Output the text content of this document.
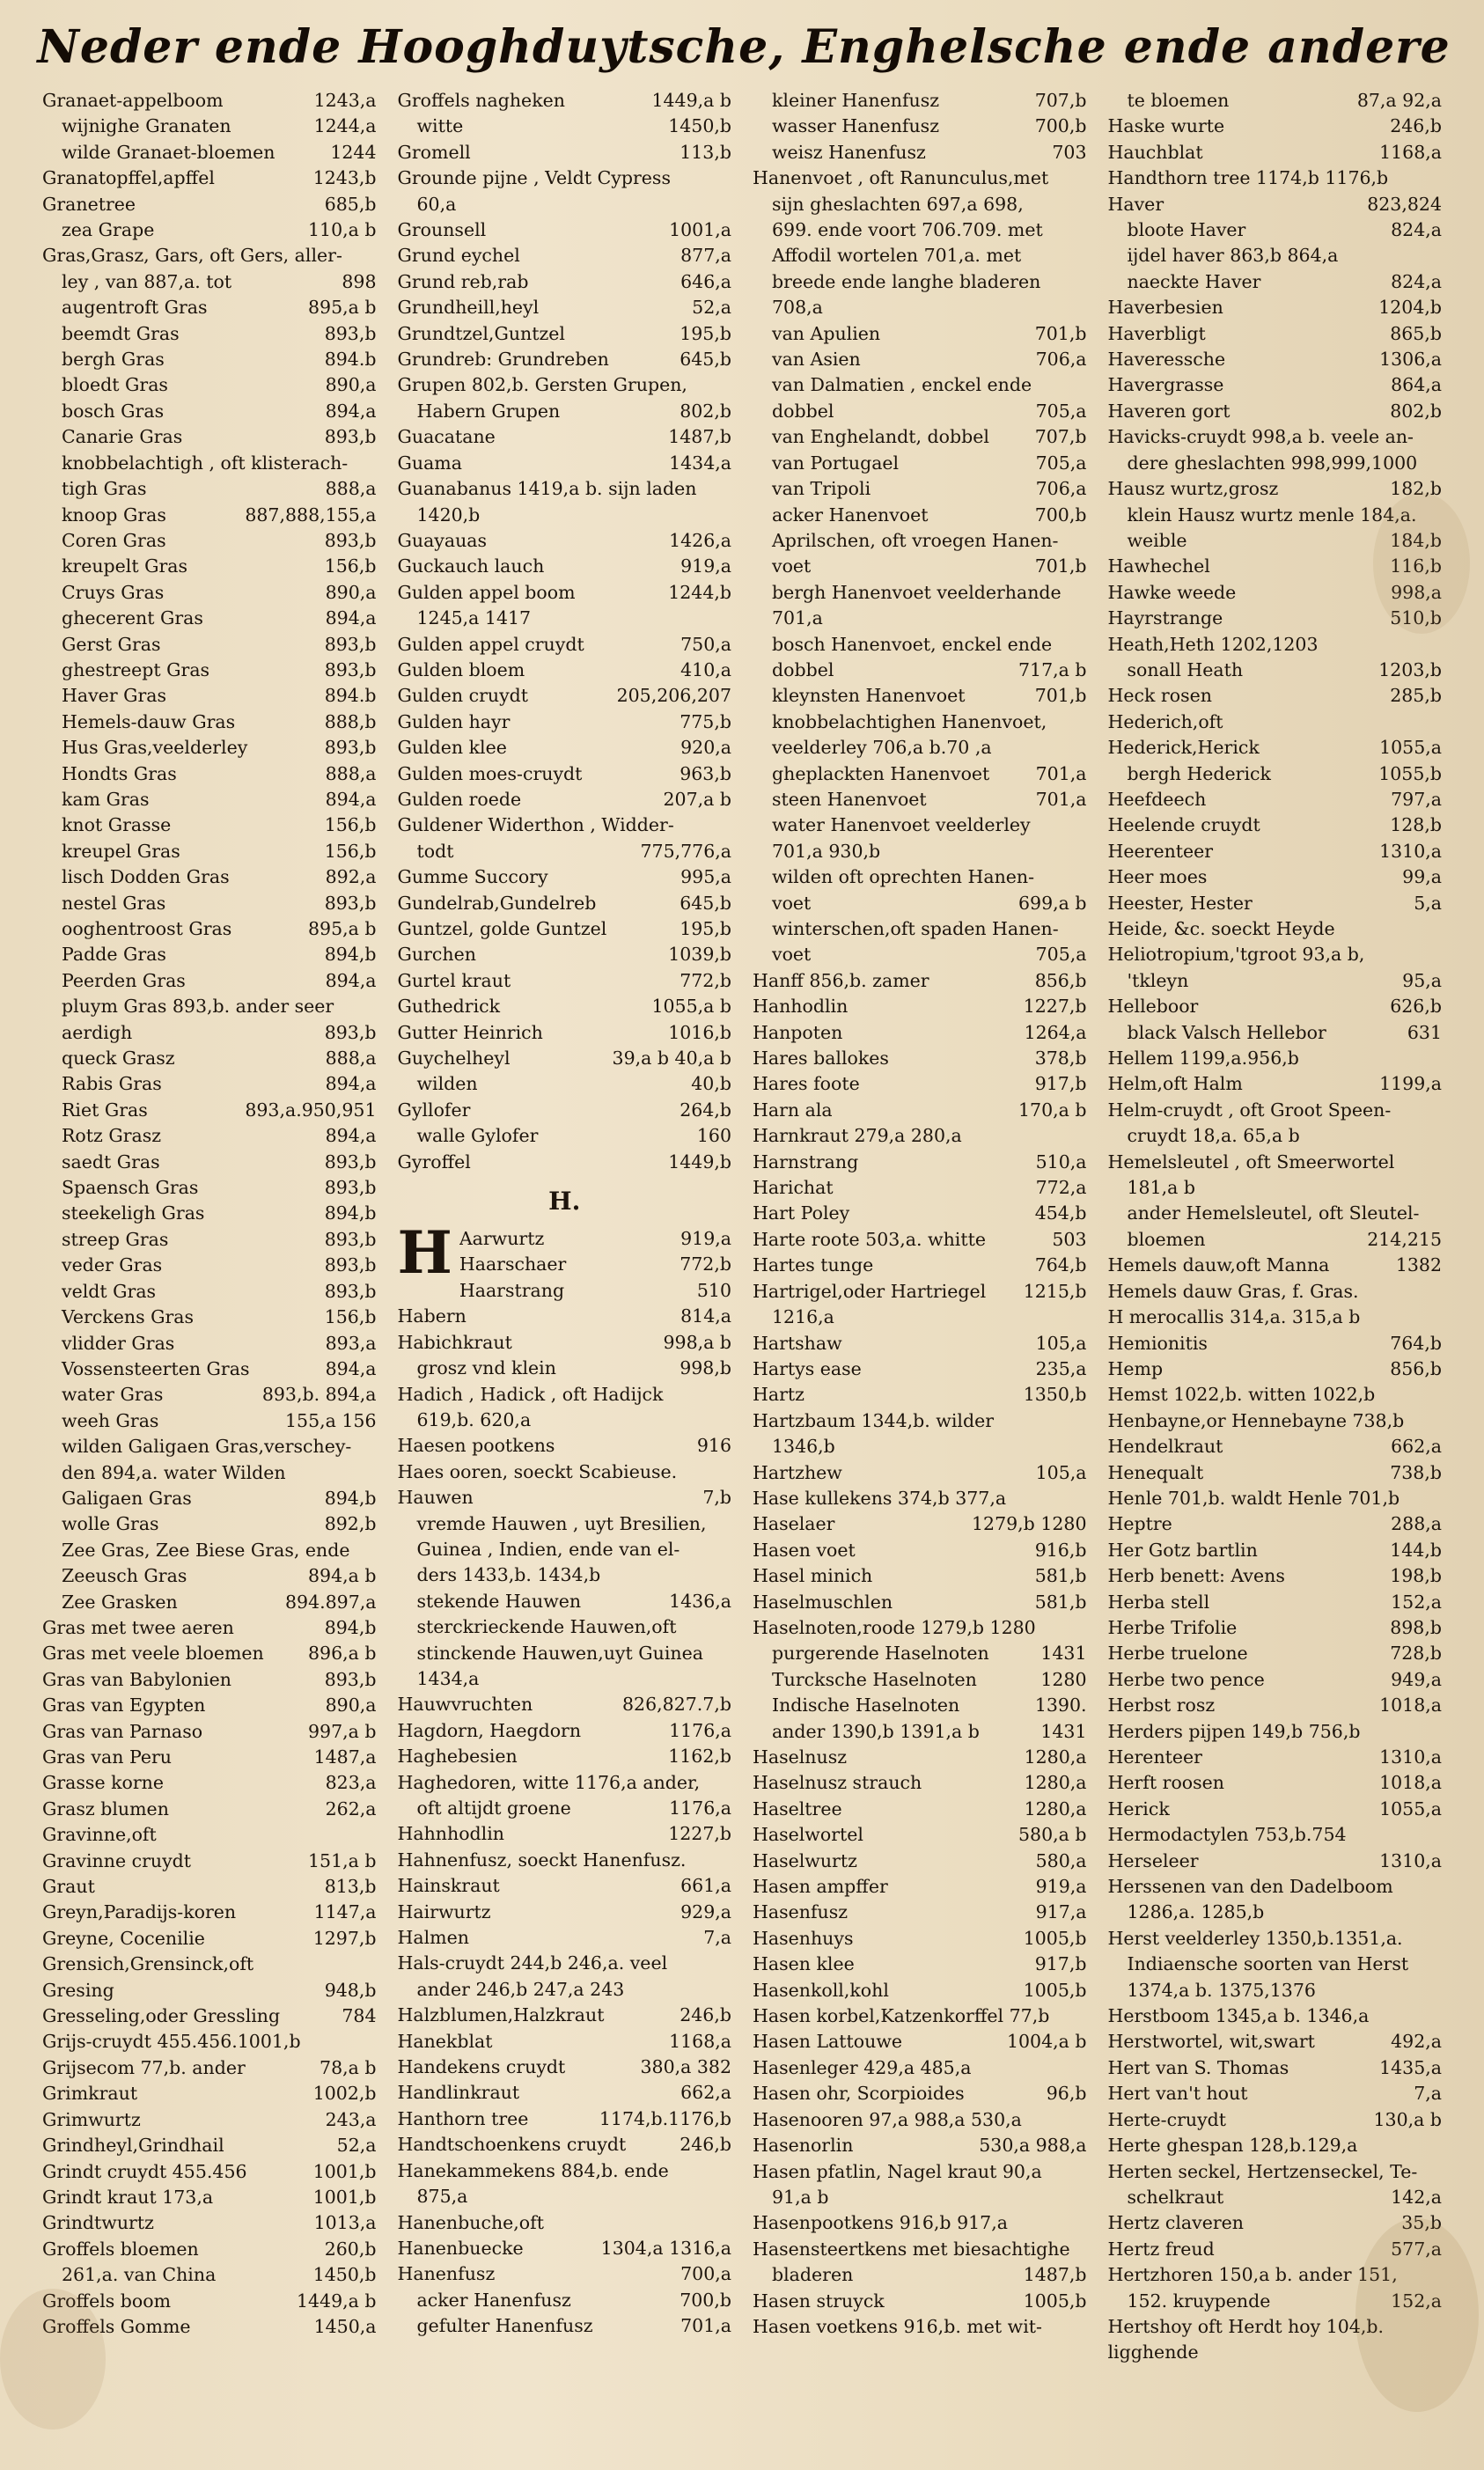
Neder ende Hooghduytsche, Enghelsche ende andere
Granaet-appelboom	1243,a
wijnighe Granaten	1244,a
wilde Granaet-bloemen	1244
Granatopffel,apffel	1243,b
Granetree	685,b
zea Grape	110,a b
Gras,Grasz, Gars, oft Gers, aller-
ley , van 887,a. tot	898
augentroft Gras	895,a b
beemdt Gras	893,b
bergh Gras	894.b
bloedt Gras	890,a
bosch Gras	894,a
Canarie Gras	893,b
knobbelachtigh , oft klisterach-
tigh Gras	888,a
knoop Gras	887,888,155,a
Coren Gras	893,b
kreupelt Gras	156,b
Cruys Gras	890,a
ghecerent Gras	894,a
Gerst Gras	893,b
ghestreept Gras	893,b
Haver Gras	894.b
Hemels-dauw Gras	888,b
Hus Gras,veelderley	893,b
Hondts Gras	888,a
kam Gras	894,a
knot Grasse	156,b
kreupel Gras	156,b
lisch Dodden Gras	892,a
nestel Gras	893,b
ooghentroost Gras	895,a b
Padde Gras	894,b
Peerden Gras	894,a
pluym Gras 893,b. ander seer
aerdigh	893,b
queck Grasz	888,a
Rabis Gras	894,a
Riet Gras	893,a.950,951
Rotz Grasz	894,a
saedt Gras	893,b
Spaensch Gras	893,b
steekeligh Gras	894,b
streep Gras	893,b
veder Gras	893,b
veldt Gras	893,b
Verckens Gras	156,b
vlidder Gras	893,a
Vossensteerten Gras	894,a
water Gras	893,b. 894,a
weeh Gras	155,a 156
wilden Galigaen Gras,verschey-
den 894,a. water Wilden
Galigaen Gras	894,b
wolle Gras	892,b
Zee Gras, Zee Biese Gras, ende
Zeeusch Gras	894,a b
Zee Grasken	894.897,a
Gras met twee aeren	894,b
Gras met veele bloemen	896,a b
Gras van Babylonien	893,b
Gras van Egypten	890,a
Gras van Parnaso	997,a b
Gras van Peru	1487,a
Grasse korne	823,a
Grasz blumen	262,a
Gravinne,oft
Gravinne cruydt	151,a b
Graut	813,b
Greyn,Paradijs-koren	1147,a
Greyne, Cocenilie	1297,b
Grensich,Grensinck,oft
Gresing	948,b
Gresseling,oder Gressling	784
Grijs-cruydt 455.456.1001,b
Grijsecom 77,b. ander	78,a b
Grimkraut	1002,b
Grimwurtz	243,a
Grindheyl,Grindhail	52,a
Grindt cruydt 455.456	1001,b
Grindt kraut 173,a	1001,b
Grindtwurtz	1013,a
Groffels bloemen	260,b
261,a. van China	1450,b
Groffels boom	1449,a b
Groffels Gomme	1450,a
Groffels nagheken	1449,a b
witte	1450,b
Gromell	113,b
Grounde pijne , Veldt Cypress
60,a
Grounsell	1001,a
Grund eychel	877,a
Grund reb,rab	646,a
Grundheill,heyl	52,a
Grundtzel,Guntzel	195,b
Grundreb: Grundreben	645,b
Grupen 802,b. Gersten Grupen,
Habern Grupen	802,b
Guacatane	1487,b
Guama	1434,a
Guanabanus 1419,a b. sijn laden
1420,b
Guayauas	1426,a
Guckauch lauch	919,a
Gulden appel boom	1244,b
1245,a 1417
Gulden appel cruydt	750,a
Gulden bloem	410,a
Gulden cruydt	205,206,207
Gulden hayr	775,b
Gulden klee	920,a
Gulden moes-cruydt	963,b
Gulden roede	207,a b
Guldener Widerthon , Widder-
todt	775,776,a
Gumme Succory	995,a
Gundelrab,Gundelreb	645,b
Guntzel, golde Guntzel	195,b
Gurchen	1039,b
Gurtel kraut	772,b
Guthedrick	1055,a b
Gutter Heinrich	1016,b
Guychelheyl	39,a b 40,a b
wilden	40,b
Gyllofer	264,b
walle Gylofer	160
Gyroffel	1449,b
H.
H Aarwurtz	919,a
Haarschaer	772,b
Haarstrang	510
Habern	814,a
Habichkraut	998,a b
grosz vnd klein	998,b
Hadich , Hadick , oft Hadijck
619,b. 620,a
Haesen pootkens	916
Haes ooren, soeckt Scabieuse.
Hauwen	7,b
vremde Hauwen , uyt Bresilien,
Guinea , Indien, ende van el-
ders 1433,b. 1434,b
stekende Hauwen	1436,a
sterckrieckende Hauwen,oft
stinckende Hauwen,uyt Guinea
1434,a
Hauwvruchten	826,827.7,b
Hagdorn, Haegdorn	1176,a
Haghebesien	1162,b
Haghedoren, witte 1176,a ander,
oft altijdt groene	1176,a
Hahnhodlin	1227,b
Hahnenfusz, soeckt Hanenfusz.
Hainskraut	661,a
Hairwurtz	929,a
Halmen	7,a
Hals-cruydt 244,b 246,a. veel
ander 246,b 247,a 243
Halzblumen,Halzkraut	246,b
Hanekblat	1168,a
Handekens cruydt	380,a 382
Handlinkraut	662,a
Hanthorn tree	1174,b.1176,b
Handtschoenkens cruydt	246,b
Hanekammekens 884,b. ende
875,a
Hanenbuche,oft
Hanenbuecke	1304,a 1316,a
Hanenfusz	700,a
acker Hanenfusz	700,b
gefulter Hanenfusz	701,a
kleiner Hanenfusz	707,b
wasser Hanenfusz	700,b
weisz Hanenfusz	703
Hanenvoet , oft Ranunculus,met
sijn gheslachten 697,a 698,
699. ende voort 706.709. met
Affodil wortelen 701,a. met
breede ende langhe bladeren
708,a
van Apulien	701,b
van Asien	706,a
van Dalmatien , enckel ende
dobbel	705,a
van Enghelandt, dobbel	707,b
van Portugael	705,a
van Tripoli	706,a
acker Hanenvoet	700,b
Aprilschen, oft vroegen Hanen-
voet	701,b
bergh Hanenvoet veelderhande
701,a
bosch Hanenvoet, enckel ende
dobbel	717,a b
kleynsten Hanenvoet	701,b
knobbelachtighen Hanenvoet,
veelderley 706,a b.70 ,a
gheplackten Hanenvoet	701,a
steen Hanenvoet	701,a
water Hanenvoet veelderley
701,a 930,b
wilden oft oprechten Hanen-
voet	699,a b
winterschen,oft spaden Hanen-
voet	705,a
Hanff 856,b. zamer	856,b
Hanhodlin	1227,b
Hanpoten	1264,a
Hares ballokes	378,b
Hares foote	917,b
Harn ala	170,a b
Harnkraut 279,a 280,a
Harnstrang	510,a
Harichat	772,a
Hart Poley	454,b
Harte roote 503,a. whitte	503
Hartes tunge	764,b
Hartrigel,oder Hartriegel	1215,b
1216,a
Hartshaw	105,a
Hartys ease	235,a
Hartz	1350,b
Hartzbaum 1344,b. wilder
1346,b
Hartzhew	105,a
Hase kullekens 374,b 377,a
Haselaer	1279,b 1280
Hasen voet	916,b
Hasel minich	581,b
Haselmuschlen	581,b
Haselnoten,roode 1279,b 1280
purgerende Haselnoten	1431
Turcksche Haselnoten	1280
Indische Haselnoten	1390.
ander 1390,b 1391,a b	1431
Haselnusz	1280,a
Haselnusz strauch	1280,a
Haseltree	1280,a
Haselwortel	580,a b
Haselwurtz	580,a
Hasen ampffer	919,a
Hasenfusz	917,a
Hasenhuys	1005,b
Hasen klee	917,b
Hasenkoll,kohl	1005,b
Hasen korbel,Katzenkorffel 77,b
Hasen Lattouwe	1004,a b
Hasenleger 429,a 485,a
Hasen ohr, Scorpioides	96,b
Hasenooren 97,a 988,a 530,a
Hasenorlin	530,a 988,a
Hasen pfatlin, Nagel kraut 90,a
91,a b
Hasenpootkens 916,b 917,a
Hasensteertkens met biesachtighe
bladeren	1487,b
Hasen struyck	1005,b
Hasen voetkens 916,b. met wit-
te bloemen	87,a 92,a
Haske wurte	246,b
Hauchblat	1168,a
Handthorn tree 1174,b 1176,b
Haver	823,824
bloote Haver	824,a
ijdel haver 863,b 864,a
naeckte Haver	824,a
Haverbesien	1204,b
Haverbligt	865,b
Haveressche	1306,a
Havergrasse	864,a
Haveren gort	802,b
Havicks-cruydt 998,a b. veele an-
dere gheslachten 998,999,1000
Hausz wurtz,grosz	182,b
klein Hausz wurtz menle 184,a.
weible	184,b
Hawhechel	116,b
Hawke weede	998,a
Hayrstrange	510,b
Heath,Heth 1202,1203
sonall Heath	1203,b
Heck rosen	285,b
Hederich,oft
Hederick,Herick	1055,a
bergh Hederick	1055,b
Heefdeech	797,a
Heelende cruydt	128,b
Heerenteer	1310,a
Heer moes	99,a
Heester, Hester	5,a
Heide, &c. soeckt Heyde
Heliotropium,'tgroot 93,a b,
'tkleyn	95,a
Helleboor	626,b
black Valsch Hellebor	631
Hellem 1199,a.956,b
Helm,oft Halm	1199,a
Helm-cruydt , oft Groot Speen-
cruydt 18,a. 65,a b
Hemelsleutel , oft Smeerwortel
181,a b
ander Hemelsleutel, oft Sleutel-
bloemen	214,215
Hemels dauw,oft Manna	1382
Hemels dauw Gras, f. Gras.
H merocallis 314,a. 315,a b
Hemionitis	764,b
Hemp	856,b
Hemst 1022,b. witten 1022,b
Henbayne,or Hennebayne 738,b
Hendelkraut	662,a
Henequalt	738,b
Henle 701,b. waldt Henle 701,b
Heptre	288,a
Her Gotz bartlin	144,b
Herb benett: Avens	198,b
Herba stell	152,a
Herbe Trifolie	898,b
Herbe truelone	728,b
Herbe two pence	949,a
Herbst rosz	1018,a
Herders pijpen 149,b 756,b
Herenteer	1310,a
Herft roosen	1018,a
Herick	1055,a
Hermodactylen 753,b.754
Herseleer	1310,a
Herssenen van den Dadelboom
1286,a. 1285,b
Herst veelderley 1350,b.1351,a.
Indiaensche soorten van Herst
1374,a b. 1375,1376
Herstboom 1345,a b. 1346,a
Herstwortel, wit,swart	492,a
Hert van S. Thomas	1435,a
Hert van't hout	7,a
Herte-cruydt	130,a b
Herte ghespan 128,b.129,a
Herten seckel, Hertzenseckel, Te-
schelkraut	142,a
Hertz claveren	35,b
Hertz freud	577,a
Hertzhoren 150,a b. ander 151,
152. kruypende	152,a
Hertshoy oft Herdt hoy 104,b.
ligghende
